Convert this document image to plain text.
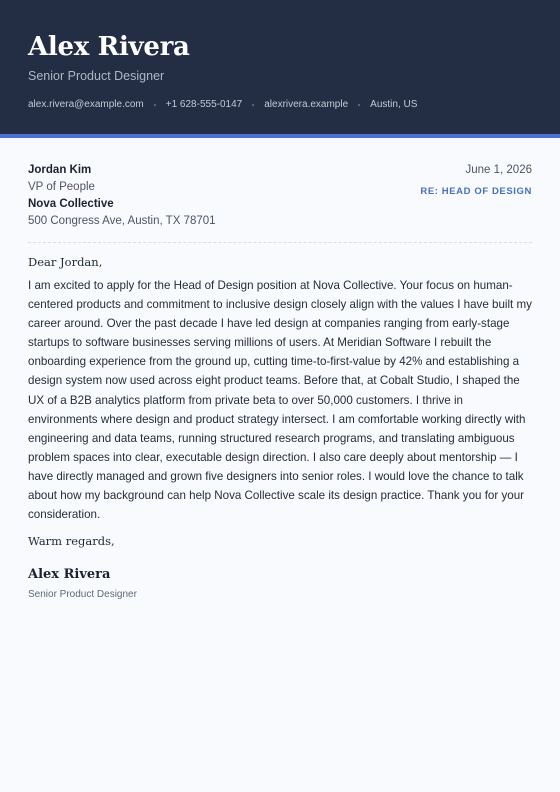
Alex Rivera
Senior Product Designer
alex.rivera@example.com +1 628-555-0147 alexrivera.example Austin, US
Jordan Kim
VP of People
Nova Collective
500 Congress Ave, Austin, TX 78701
June 1, 2026
RE: HEAD OF DESIGN
Dear Jordan,
I am excited to apply for the Head of Design position at Nova Collective. Your focus on human-centered products and commitment to inclusive design closely align with the values I have built my career around. Over the past decade I have led design at companies ranging from early-stage startups to software businesses serving millions of users. At Meridian Software I rebuilt the onboarding experience from the ground up, cutting time-to-first-value by 42% and establishing a design system now used across eight product teams. Before that, at Cobalt Studio, I shaped the UX of a B2B analytics platform from private beta to over 50,000 customers. I thrive in environments where design and product strategy intersect. I am comfortable working directly with engineering and data teams, running structured research programs, and translating ambiguous problem spaces into clear, executable design direction. I also care deeply about mentorship — I have directly managed and grown five designers into senior roles. I would love the chance to talk about how my background can help Nova Collective scale its design practice. Thank you for your consideration.
Warm regards,
Alex Rivera
Senior Product Designer
